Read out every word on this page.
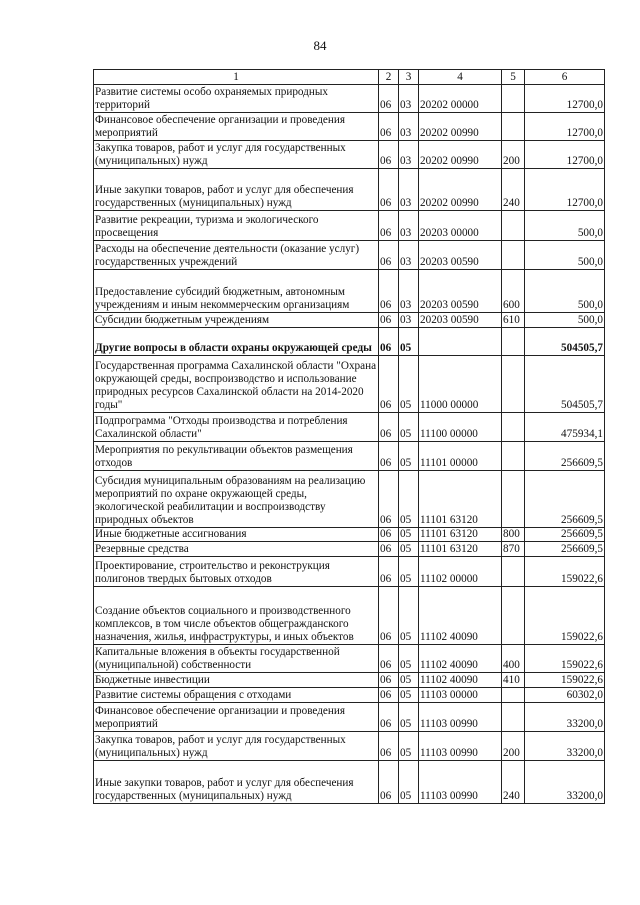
84
1	2	3	4	5	6
Развитие системы особо охраняемых природных территорий	06	03	20202 00000		12700,0
Финансовое обеспечение организации и проведения мероприятий	06	03	20202 00990		12700,0
Закупка товаров, работ и услуг для государственных (муниципальных) нужд	06	03	20202 00990	200	12700,0
Иные закупки товаров, работ и услуг для обеспечения государственных (муниципальных) нужд	06	03	20202 00990	240	12700,0
Развитие рекреации, туризма и экологического просвещения	06	03	20203 00000		500,0
Расходы на обеспечение деятельности (оказание услуг) государственных учреждений	06	03	20203 00590		500,0
Предоставление субсидий бюджетным, автономным учреждениям и иным некоммерческим организациям	06	03	20203 00590	600	500,0
Субсидии бюджетным учреждениям	06	03	20203 00590	610	500,0
Другие вопросы в области охраны окружающей среды	06	05			504505,7
Государственная программа Сахалинской области "Охрана окружающей среды, воспроизводство и использование природных ресурсов Сахалинской области на 2014-2020 годы"	06	05	11000 00000		504505,7
Подпрограмма "Отходы производства и потребления Сахалинской области"	06	05	11100 00000		475934,1
Мероприятия по рекультивации объектов размещения отходов	06	05	11101 00000		256609,5
Субсидия муниципальным образованиям на реализацию мероприятий по охране окружающей среды, экологической реабилитации и воспроизводству природных объектов	06	05	11101 63120		256609,5
Иные бюджетные ассигнования	06	05	11101 63120	800	256609,5
Резервные средства	06	05	11101 63120	870	256609,5
Проектирование, строительство и реконструкция полигонов твердых бытовых отходов	06	05	11102 00000		159022,6
Создание объектов социального и производственного комплексов, в том числе объектов общегражданского назначения, жилья, инфраструктуры, и иных объектов	06	05	11102 40090		159022,6
Капитальные вложения в объекты государственной (муниципальной) собственности	06	05	11102 40090	400	159022,6
Бюджетные инвестиции	06	05	11102 40090	410	159022,6
Развитие системы обращения с отходами	06	05	11103 00000		60302,0
Финансовое обеспечение организации и проведения мероприятий	06	05	11103 00990		33200,0
Закупка товаров, работ и услуг для государственных (муниципальных) нужд	06	05	11103 00990	200	33200,0
Иные закупки товаров, работ и услуг для обеспечения государственных (муниципальных) нужд	06	05	11103 00990	240	33200,0
